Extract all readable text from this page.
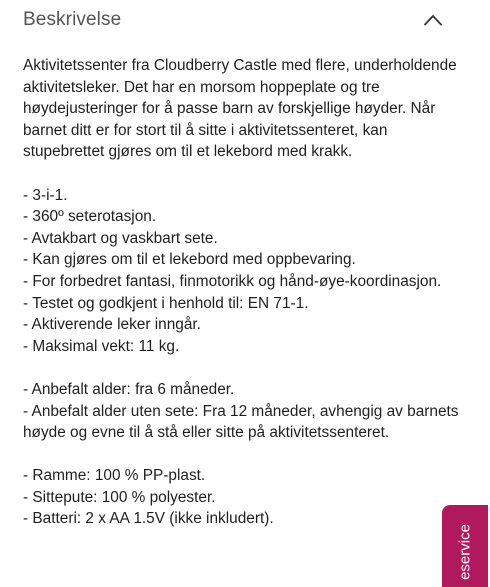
Beskrivelse

Aktivitetssenter fra Cloudberry Castle med flere, underholdende aktivitetsleker. Det har en morsom hoppeplate og tre høydejusteringer for å passe barn av forskjellige høyder. Når barnet ditt er for stort til å sitte i aktivitetssenteret, kan stupebrettet gjøres om til et lekebord med krakk.

- 3-i-1.
- 360º seterotasjon.
- Avtakbart og vaskbart sete.
- Kan gjøres om til et lekebord med oppbevaring.
- For forbedret fantasi, finmotorikk og hånd-øye-koordinasjon.
- Testet og godkjent i henhold til: EN 71-1.
- Aktiverende leker inngår.
- Maksimal vekt: 11 kg.
- Anbefalt alder: fra 6 måneder.
- Anbefalt alder uten sete: Fra 12 måneder, avhengig av barnets høyde og evne til å stå eller sitte på aktivitetssenteret.
- Ramme: 100 % PP-plast.
- Sittepute: 100 % polyester.
- Batteri: 2 x AA 1.5V (ikke inkludert).
eservice
